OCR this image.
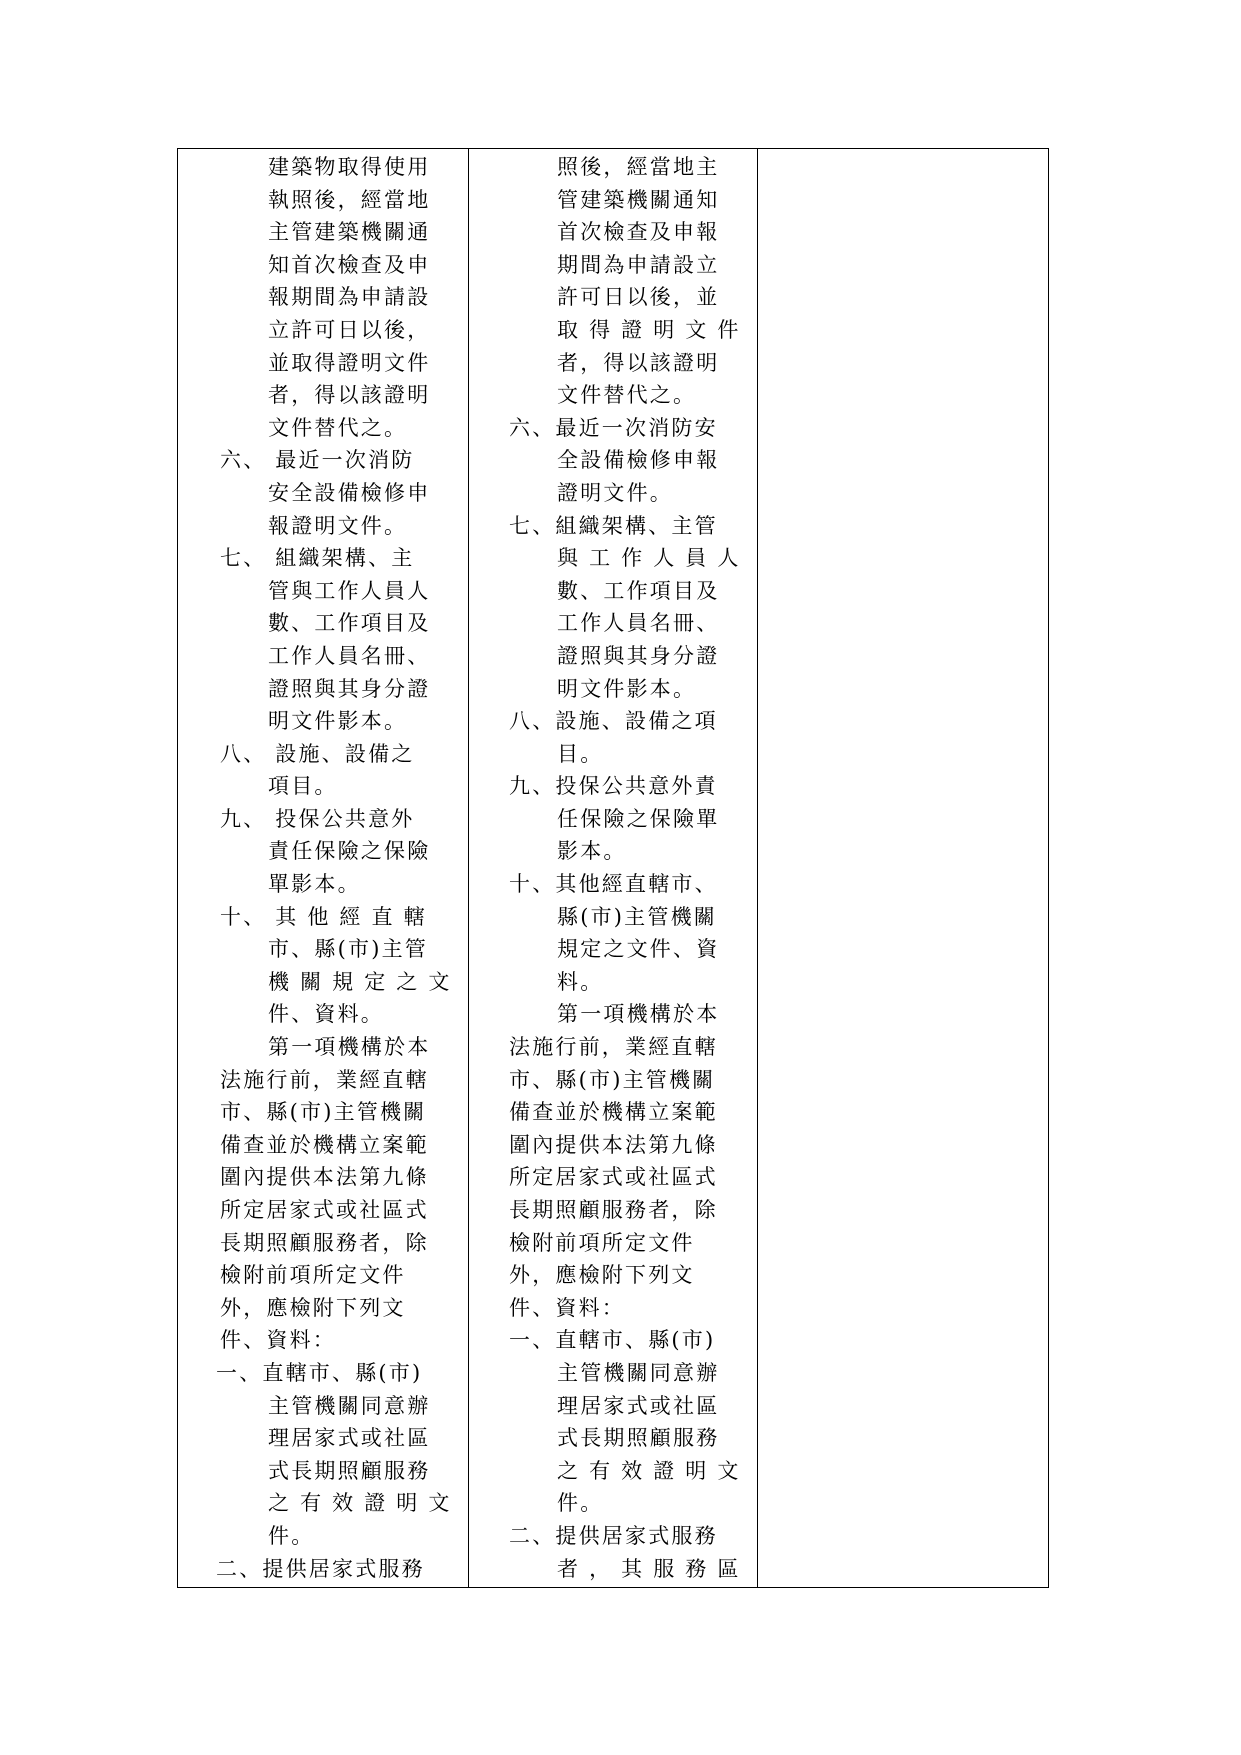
建築物取得使用
執照後，經當地
主管建築機關通
知首次檢查及申
報期間為申請設
立許可日以後，
並取得證明文件
者，得以該證明
文件替代之。
六、 最近一次消防
安全設備檢修申
報證明文件。
七、 組織架構、主
管與工作人員人
數、工作項目及
工作人員名冊、
證照與其身分證
明文件影本。
八、 設施、設備之
項目。
九、 投保公共意外
責任保險之保險
單影本。
十、 其 他 經 直 轄
市、縣(市)主管
機 關 規 定 之 文
件、資料。
第一項機構於本
法施行前，業經直轄
市、縣(市)主管機關
備查並於機構立案範
圍內提供本法第九條
所定居家式或社區式
長期照顧服務者，除
檢附前項所定文件
外，應檢附下列文
件、資料：
一、直轄市、縣(市)
主管機關同意辦
理居家式或社區
式長期照顧服務
之 有 效 證 明 文
件。
二、提供居家式服務

照後，經當地主
管建築機關通知
首次檢查及申報
期間為申請設立
許可日以後，並
取 得 證 明 文 件
者，得以該證明
文件替代之。
六、最近一次消防安
全設備檢修申報
證明文件。
七、組織架構、主管
與 工 作 人 員 人
數、工作項目及
工作人員名冊、
證照與其身分證
明文件影本。
八、設施、設備之項
目。
九、投保公共意外責
任保險之保險單
影本。
十、其他經直轄市、
縣(市)主管機關
規定之文件、資
料。
第一項機構於本
法施行前，業經直轄
市、縣(市)主管機關
備查並於機構立案範
圍內提供本法第九條
所定居家式或社區式
長期照顧服務者，除
檢附前項所定文件
外，應檢附下列文
件、資料：
一、直轄市、縣(市)
主管機關同意辦
理居家式或社區
式長期照顧服務
之 有 效 證 明 文
件。
二、提供居家式服務
者 ， 其 服 務 區
